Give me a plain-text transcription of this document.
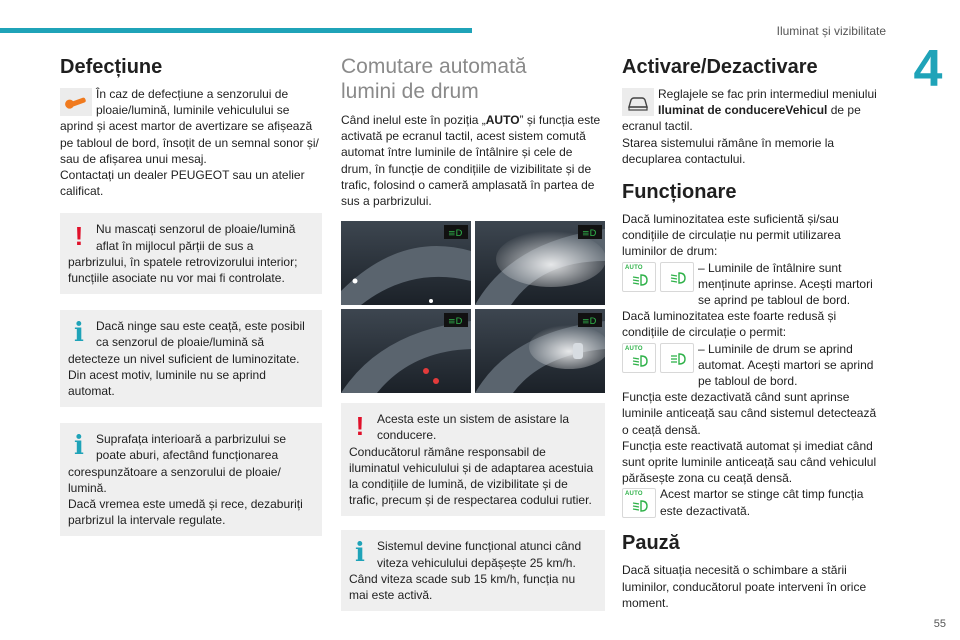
Iluminat și vizibilitate
4
Defecțiune

În caz de defecțiune a senzorului de ploaie/lumină, luminile vehiculului se aprind și acest martor de avertizare se afișează pe tabloul de bord, însoțit de un semnal sonor și/ sau de afișarea unui mesaj.

Contactați un dealer PEUGEOT sau un atelier calificat.

!	Nu mascați senzorul de ploaie/lumină aflat în mijlocul părții de sus a parbrizului, în spatele retrovizorului interior; funcțiile asociate nu vor mai fi controlate.

i	Dacă ninge sau este ceață, este posibil ca senzorul de ploaie/lumină să detecteze un nivel suficient de luminozitate. Din acest motiv, luminile nu se aprind automat.

i	Suprafața interioară a parbrizului se poate aburi, afectând funcționarea corespunzătoare a senzorului de ploaie/ lumină.

Dacă vremea este umedă și rece, dezaburiți parbrizul la intervale regulate.

Comutare automată
lumini de drum

Când inelul este în poziția „AUTO” și funcția este activată pe ecranul tactil, acest sistem comută automat între luminile de întâlnire și cele de drum, în funcție de condițiile de vizibilitate și de trafic, folosind o cameră amplasată în partea de sus a parbrizului.

≡D	≡D
≡D	≡D
!	Acesta este un sistem de asistare la conducere.

Conducătorul rămâne responsabil de iluminatul vehiculului și de adaptarea acestuia la condițiile de lumină, de vizibilitate și de trafic, precum și de respectarea codului rutier.

i	Sistemul devine funcțional atunci când viteza vehiculului depășește 25 km/h.

Când viteza scade sub 15 km/h, funcția nu mai este activă.

Activare/Dezactivare

Reglajele se fac prin intermediul meniului Iluminat de conducereVehicul de pe ecranul tactil.

Starea sistemului rămâne în memorie la decuplarea contactului.

Funcționare

Dacă luminozitatea este suficientă și/sau condițiile de circulație nu permit utilizarea luminilor de drum:

AUTO	– Luminile de întâlnire sunt menținute aprinse. Acești martori se aprind pe tabloul de bord.

Dacă luminozitatea este foarte redusă și condițiile de circulație o permit:

AUTO	– Luminile de drum se aprind automat. Acești martori se aprind pe tabloul de bord.

Funcția este dezactivată când sunt aprinse luminile anticeață sau când sistemul detectează o ceață densă.

Funcția este reactivată automat și imediat când sunt oprite luminile anticeață sau când vehiculul părăsește zona cu ceață densă.

AUTO	Acest martor se stinge cât timp funcția este dezactivată.

Pauză

Dacă situația necesită o schimbare a stării luminilor, conducătorul poate interveni în orice moment.

55
